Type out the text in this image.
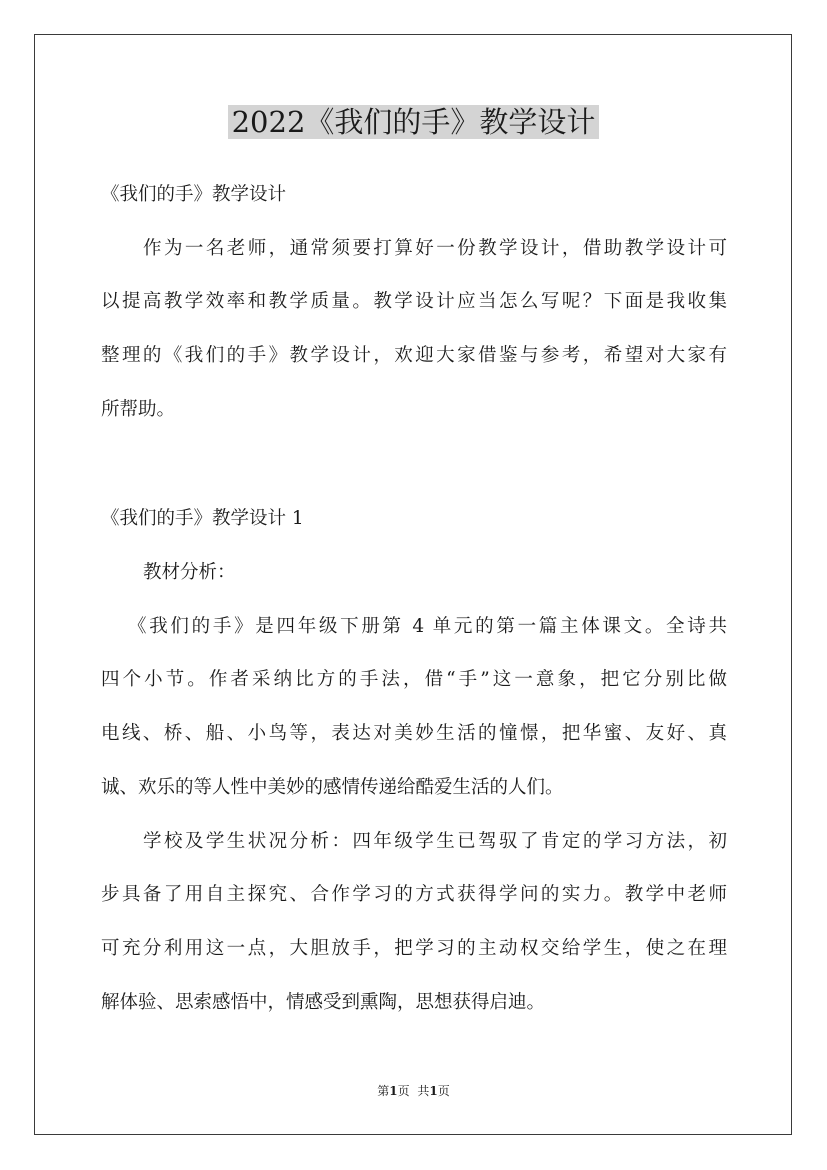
2022《我们的手》教学设计
《我们的手》教学设计
作为一名老师，通常须要打算好一份教学设计，借助教学设计可
以提高教学效率和教学质量。教学设计应当怎么写呢？下面是我收集
整理的《我们的手》教学设计，欢迎大家借鉴与参考，希望对大家有
所帮助。
《我们的手》教学设计 1
教材分析：
《我们的手》是四年级下册第 4 单元的第一篇主体课文。全诗共
四个小节。作者采纳比方的手法，借“手”这一意象，把它分别比做
电线、桥、船、小鸟等，表达对美妙生活的憧憬，把华蜜、友好、真
诚、欢乐的等人性中美妙的感情传递给酷爱生活的人们。
学校及学生状况分析：四年级学生已驾驭了肯定的学习方法，初
步具备了用自主探究、合作学习的方式获得学问的实力。教学中老师
可充分利用这一点，大胆放手，把学习的主动权交给学生，使之在理
解体验、思索感悟中，情感受到熏陶，思想获得启迪。
第1页 共1页
